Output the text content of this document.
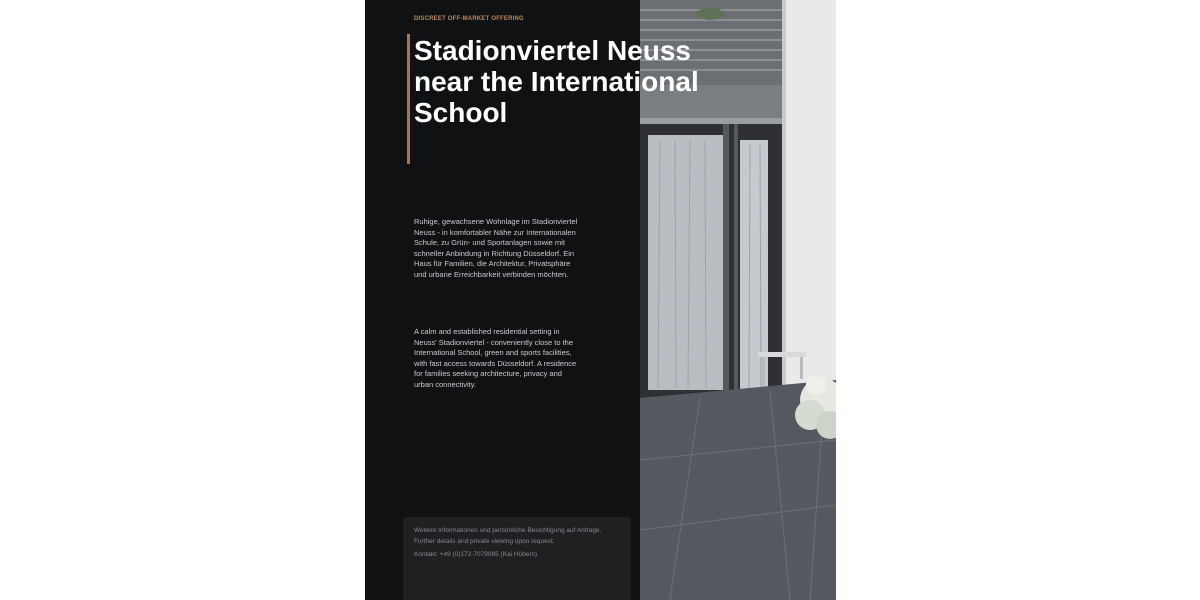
DISCREET OFF-MARKET OFFERING
Stadionviertel Neuss near the International School

Ruhige, gewachsene Wohnlage im Stadionviertel Neuss - in komfortabler Nähe zur Internationalen Schule, zu Grün- und Sportanlagen sowie mit schneller Anbindung in Richtung Düsseldorf. Ein Haus für Familien, die Architektur, Privatsphäre und urbane Erreichbarkeit verbinden möchten.

A calm and established residential setting in Neuss' Stadionviertel - conveniently close to the International School, green and sports facilities, with fast access towards Düsseldorf. A residence for families seeking architecture, privacy and urban connectivity.

Weitere Informationen und persönliche Besichtigung auf Anfrage.
Further details and private viewing upon request.
Kontakt: +49 (0)172-7079085 (Kai Hübers)
